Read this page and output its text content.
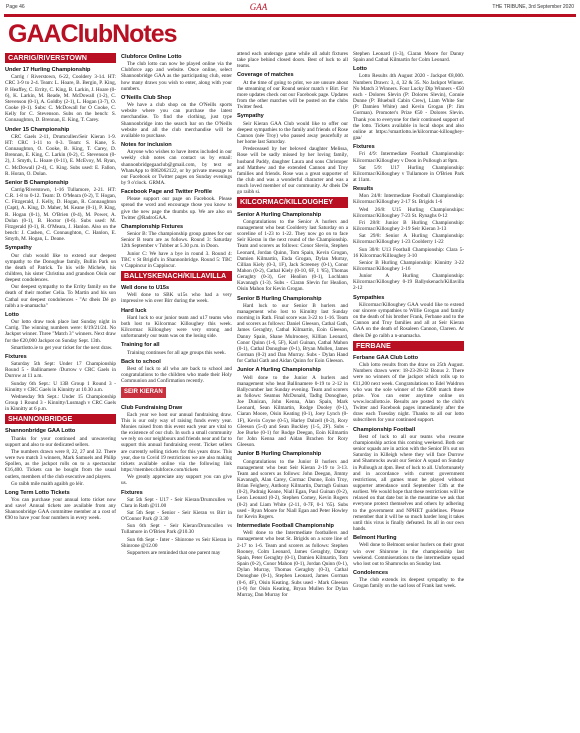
Page 46	GAA	THE TRIBUNE, 3rd September 2020
GAAClubNotes
CARRIG/RIVERSTOWN
Under 17 Hurling Championship
Carrig / Riverstown, 6-22, Cooldery 3-14. HT: CRC 3-9 to 2-4. Team: L. Hoare, B. Bergin, P. King, P. Heaffey, C. Errity, C. King, B. Larkin, J. Hoare (0-6), K. Larkin, M. Reade, M. McDowall (1-2), C. Stevenson (0-1), A. Goldby (2-1), L. Hogan (3-7), O. Cooke (0-1). Subs: C. McDowall for O Cooke, C. Kelly for C. Stevenson. Subs on the bench: S. Connaughton, D. Brennan, E. King, T. Carey.
Under 15 Championship
CRC Gaels 2-11, Drumcullen/Seir Kieran 1-9. HT: CRC 1-11 to 0-3. Team: S. Kane, S. Connaughton, O. Cooke, B. King, T. Carey, D. Brennan, E. King, C. Larkin (0-2), C. Stevenson (0-2), J. Smyth, L. Hoare (0-11), E. McEvoy, M. Ryan, C. McDowall (2-4), C. King. Subs used: E. Fallon, R. Horan, O. Dolan.
Senior B Championship
Carrig/Riverstown, 1-16 Tullamore, 2-21. HT: C.R. 1-8 to 0-12. Team: D. O'Meara (0-2), T. Hogan, C. Fitzgerald, J. Kelly, D. Hogan, R. Connaughton (Capt), A. King, D. Maher, M. Keane (0-1), P. King, R. Hogan (0-1), M. O'Brien (0-4), M. Power, A. Dolan (0-1), B. Hoctor (0-6). Subs used: M. Fitzgerald (0-1), R. O'Meara, J. Hanlon. Also on the bench: J. Cashen, C. Connaughton, C. Hanlon, E. Smyth, M. Hogan, L. Deane.
Sympathy
Our club would like to extend our deepest sympathy to the Donoghue family, Bullin Park on the death of Patrick. To his wife Michele, his children, his sister Christina and grandson Oisín our deepest condolences.
Our deepest sympathy to the Errity family on the death of their mother Celia. To Martin and his son Cathal our deepest condolences - "Ar dheis Dé go raibh a n-anamacha"
Lotto
Our lotto draw took place last Sunday night in Carrig. The winning numbers were: 8/19/21/24. No Jackpot winner. Three "Match 3" winners. Next draw for the €20,000 Jackpot on Sunday Sept. 13th.
Smartlotto.ie to get your ticket for the next draw.
Fixtures
Saturday 5th Sept: Under 17 Championship Round 5 - Ballinamere /Durrow v CRC Gaels in Durrow at 11 a.m.
Sunday 6th Sept.: U 13B Group 1 Round 3 - Kinnitty v CRC Gaels in Kinnitty at 10.30 a.m.
Wednesday 9th Sept.: Under 15 Championship Group 1 Round 3 - Kinnitty/Lusmagh v CRC Gaels in Kinnitty at 6 p.m.
SHANNONBRIDGE
Shannonbridge GAA Lotto
Thanks for your continued and unwavering support and also to our dedicated sellers.
The numbers drawn were 8, 22, 27 and 32. There were two match 3 winners, Mark Samuels and Philip Spollen, as the jackpot rolls on to a spectacular €16,400. Tickets can be bought from the usual outlets, members of the club executive and players.
Go raibh mile maith agaibh go léir.
Long Term Lotto Tickets
You can purchase your annual lotto ticket now and save! Annual tickets are available from any Shannonbridge GAA committee member at a cost of €90 to have your four numbers in every week.
Clubforce Online Lotto
The club lotto can now be played online via the Clubforce app and website. Once online, select Shannonbridge GAA as the participating club, enter how many draws you wish to enter, along with your numbers.
O'Neills Club Shop
We have a club shop on the O'Neills sports website where you can purchase the latest merchandise. To find the clothing, just type Shannonbridge into the search bar on the O'Neills website and all the club merchandise will be available to purchase.
Notes for inclusion
Anyone who wishes to have items included in our weekly club notes can contact us by email: shannonbridgegaaclub@gmail.com, by text or WhatsApp to 0862062122, or by private message to our Facebook or Twitter pages on Sunday evenings by 9 o'clock. GRMA.
Facebook Page and Twitter Profile
Please support our page on Facebook. Please spread the word and encourage those you know to give the new page the thumbs up. We are also on Twitter @RadroGAA.
Championship Fixtures
Senior B: The championship group games for our Senior B team are as follows. Round 3: Saturday 12th September v Tubber at 5.30 p.m. in Doon.
Junior C: We have a bye in round 3. Round 4: TBC v St Brigid's in Shannonbridge. Round 5: TBC v Cappincur in Cappincur.
BALLYSKENACH/KILLAVILLA
Well done to U15s
Well done to SBK u15s who had a very impressive win over Birr during the week.
Hard luck
Hard luck to our junior team and u17 teams who both lost to Kilcormac Killoughey this week. Kilcormac Killoughey were very strong and unfortunately our team was on the losing side.
Training for all
Training continues for all age groups this week.
Back to school
Best of luck to all who are back to school and congratulations to the children who made their Holy Communion and Confirmation recently.
SEIR KIERAN
Club Fundraising Draw
Each year we host our annual fundraising draw. This is our only way of raising funds every year. Monies raised from this event each year are vital to the existence of our club. In such a small community we rely on our neighbours and friends near and far to support this annual fundraising event. Ticket sellers are currently selling tickets for this years draw. This year, due to Covid 19 restrictions we are also making tickets available online via the following link https://member.clubforce.com/tickets
We greatly appreciate any support you can give us.
Fixtures
Sat 5th Sept - U17 - Seir Kieran/Drumcullen vs Clara in Rath @11.00
Sat 5th Sept - Senior - Seir Kieran vs Birr in O'Connor Park @ 3.30
Sun 6th Sept - Seir Kieran/Drumcullen vs Tullamore in O'Brien Park @10.30
Sun 6th Sept - Inter - Shinrone vs Seir Kieran in Shinrone @12.00
Supporters are reminded that one parent may
attend each underage game while all adult fixtures take place behind closed doors. Best of luck to all teams.
Coverage of matches
At the time of going to print, we are unsure about the streaming of our Round senior match v Birr. For more updates check out our Facebook page. Updates from the other matches will be posted on the clubs Twitter feed.
Sympathy
Seir Kieran GAA Club would like to offer our deepest sympathies to the family and friends of Rose Cannon (née Troy) who passed away peacefully at her home last Saturday.
Predeceased by her beloved daughter Melissa, Rose will be sadly missed by her loving family, husband Paddy, daughter Laura and sons Christoper and Matthew and the extended Cannon and Troy families and friends. Rose was a great supporter of the club and was a wonderful character and was a much loved member of our community. Ar dheis Dé go raibh si.
KILCORMAC/KILLOUGHEY
Senior A Hurling Championship
Congratulations to the Senior A hurlers and management who beat Coolderry last Saturday on a scoreline of 1-23 to 1-22. They now go on to face Seir Kieran in the next round of the Championship. Team and scorers as follows: Conor Slevin, Stephen Leonard, Jordan Quinn, Tom Spain, Kevin Grogan, Damien Kilmartin, Enda Grogan, Dylan Murray, Cillian Kiely (0-3, 1F), Jack Screeney (0-1), Conor Mahon (0-2), Cathal Kiely (0-10, 6F, 1 '65), Thomas Geraghty (0-3), Ger Healion (0-1), Lochlann Kavanagh (1-3). Subs - Ciaran Slevin for Healion, Oisin Mahon for Kevin Grogan.
Senior B Hurling Championship
Hard luck to our Senior B hurlers and management who lost to Kinnitty last Sunday morning in Rath. Final score was 3-22 to 1-16. Team and scorers as follows: Daniel Gleeson, Cathal Gath, James Geraghty, Cathal Kilmartin, Eoin Gleeson, Danny Spain, Shane Mulrooney, Killian Leonard, Conor Quinn (1-6, 5F), Karl Guinan, Cathal Mahon (0-1), Cathal Donoghue (0-1), Bryan Mullen, James Gorman (0-2) and Dan Murray. Subs - Dylan Hand for Cathal Gath and Aidan Quinn for Eoin Gleeson.
Junior A Hurling Championship
Well done to the Junior A hurlers and management who beat Ballinamere 0-19 to 2-12 in Ballycumber last Sunday evening. Team and scorers as follows: Seamus McDonald, Tadhg Donoghue, Joe Dunican, John Kenna, Alan Spain, Mark Leonard, Sean Kilmartin, Rodge Dooley (0-1), Ciaran Moore, Oisin Keating (0-1), Joey Lynch (0-1F), Kevin Coyne (0-5), Harley Dalzell (0-2), Rory Gleeson (5-4) and Sean Buckley (1-5, 2F). Subs - Joe Burke (0-1) for Rodge Deegan, Eoin Kilmartin for John Kenna and Aidan Brachen for Rory Gleeson.
Junior B Hurling Championship
Congratulations to the Junior B hurlers and management who beat Seir Kieran 2-19 to 3-13. Team and scorers as follows: John Deegan, Jimmy Kavanagh, Alan Carey, Cormac Dunne, Eoin Troy, Brian Feighery, Anthony Kilmartin, Darragh Guinan (0-2), Padraig Keane, Niall Egan, Paul Guinan (0-2), Leon Leonard (0-2), Stephen Comey, Kevin Rogers (0-2) and Liam White (2-11, 0-7F, 0-1 '65). Subs used - Ryan Moore for Niall Egan and Peter Howley for Kevin Rogers.
Intermediate Football Championship
Well done to the Intermediate footballers and management who beat St. Brigids on a score line of 2-17 to 1-6. Team and scorers as follows: Stephen Rooney, Colm Leonard, James Geraghty, Danny Spain, Peter Geraghty (0-1), Damien Kilmartin, Tom Spain (0-2), Conor Mahon (0-1), Jordan Quinn (0-1), Dylan Murray, Thomas Geraghty (0-3), Cathal Donoghue (0-1), Stephen Leonard, James Gorman (0-6, 4F), Oisin Keating. Subs used - Mark Gleeson (1-0) for Oisin Keating, Bryan Mullen for Dylan Murray, Dan Murray for
Stephen Leonard (1-3), Ciaran Moore for Danny Spain and Cathal Kilmartin for Colm Leonard.
Lotto
Lotto Results 4th August 2020 - Jackpot €8,000. Numbers Drawn: 3, 4, 32 & 35. No Jackpot Winner. No Match 3 Winners. Four Lucky Dip Winners - €50 each - Dolores Slevin (P: Dolores Slevin), Connie Dunne (P: Bluebull Cabin Crew), Liam White Snr (P: Damien White) and Kevin Grogan (P: Jim Gorman). Promoter's Prize €50 - Dolores Slevin. Thank you to everyone for their continued support of the lotto. Tickets available in local shops and also online at https://smartlotto.ie/kilcormac-killoughey-gaa/
Fixtures
Fri 4/9: Intermediate Football Championship: Kilcormac/Killoughey v Doon in Pullough at 8pm.
Sat 5/9: U17 Hurling Championship: Kilcormac/Killoughey v Tullamore in O'Brien Park at 11am.
Results
Mon 24/8: Intermediate Football Championship: Kilcormac/Killoughey 2-17 St. Brigids 1-6
Wed 26/8: U15 Hurling Championships: Kilcormac/Killoughey 7-23 St. Rynaghs 0-12
Fri 28/8: Junior B Hurling Championship: Kilcormac/Killoughey 2-19 Seir Kieran 3-13
Sat 29/8: Senior A Hurling Championship: Kilcormac/Killoughey 1-23 Coolderry 1-22
Sun 30/8: U13 Football Championship: Clara 5-16 Kilcormac/Killoughey 3-10
Senior B Hurling Championship: Kinnitty 3-22 Kilcormac/Killoughey 1-16
Junior A Hurling Championship: Kilcormac/Killoughey 0-19 Ballyskenach/Killavilla 2-12
Sympathies
Kilcormac/Killoughey GAA would like to extend our sincere sympathies to Willie Grogan and family on the death of his brother Frank, Ferbane and to the Cannon and Troy families and all at Seir Kieran GAA on the death of Rosaleen Cannon, Clareen. Ar dheis Dé go raibh a n-anamacha.
FERBANE
Ferbane GAA Club Lotto
Club lotto results from the draw on 25th August. Numbers drawn were: 18-23-28-32 Bonus 2. There were no winners of the jackpot which rolls up to €11,200 next week. Congratulations to Edel Waldron who was the sole winner of the €200 match three prize. You can enter anytime online on www.locallotto.ie. Results are posted to the club's Twitter and Facebook pages immediately after the draw each Tuesday night. Thanks to all our lotto subscribers for your continued support.
Championship Football
Best of luck to all our teams who resume championship action this coming weekend. Both our senior squads are in action with the Senior B's out on Saturday in Killeigh where they will face Durrow and Shamrocks await our Senior A squad on Sunday in Pullough at 4pm. Best of luck to all. Unfortunately and in accordance with current government restrictions, all games must be played without supporter attendance until September 13th at the earliest. We would hope that these restrictions will be relaxed on that date but in the meantime we ask that everyone protect themselves and others by adhering to the government and NPHET guidelines. Please remember that it will be so much harder long it takes until this virus is finally defeated. Its all in our own hands.
Belmont Hurling
Well done to Belmont senior hurlers on their great win over Shinrone in the championship last weekend. Commiserations to the intermediate squad who lost out to Shamrocks on Sunday last.
Condolences
The club extends its deepest sympathy to the Grogan family on the sad loss of Frank last week.
